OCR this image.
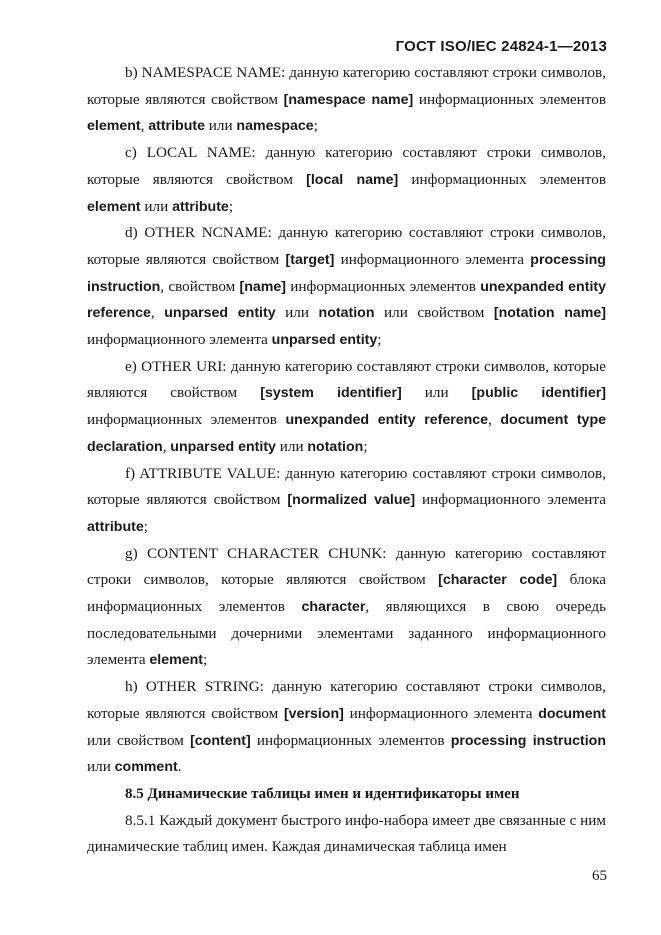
ГОСТ ISO/IEC 24824-1—2013

b) NAMESPACE NAME: данную категорию составляют строки символов, которые являются свойством [namespace name] информационных элементов element, attribute или namespace;

c) LOCAL NAME: данную категорию составляют строки символов, которые являются свойством [local name] информационных элементов element или attribute;

d) OTHER NCNAME: данную категорию составляют строки символов, которые являются свойством [target] информационного элемента processing instruction, свойством [name] информационных элементов unexpanded entity reference, unparsed entity или notation или свойством [notation name] информационного элемента unparsed entity;

e) OTHER URI: данную категорию составляют строки символов, которые являются свойством [system identifier] или [public identifier] информационных элементов unexpanded entity reference, document type declaration, unparsed entity или notation;

f) ATTRIBUTE VALUE: данную категорию составляют строки символов, которые являются свойством [normalized value] информационного элемента attribute;

g) CONTENT CHARACTER CHUNK: данную категорию составляют строки символов, которые являются свойством [character code] блока информационных элементов character, являющихся в свою очередь последовательными дочерними элементами заданного информационного элемента element;

h) OTHER STRING: данную категорию составляют строки символов, которые являются свойством [version] информационного элемента document или свойством [content] информационных элементов processing instruction или comment.

8.5 Динамические таблицы имен и идентификаторы имен

8.5.1 Каждый документ быстрого инфо-набора имеет две связанные с ним динамические таблиц имен. Каждая динамическая таблица имен

65
